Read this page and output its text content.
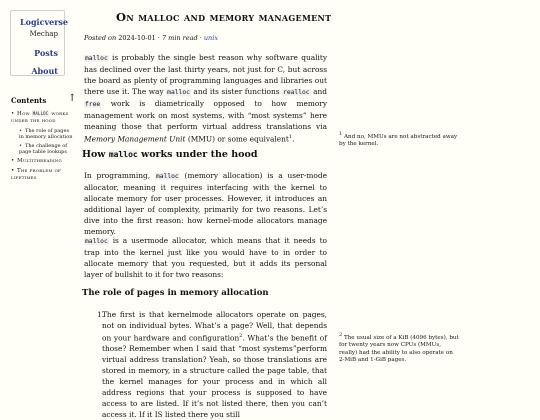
Logicverse
Mechap
Posts
About
Contents ↑
• How malloc works under the hood
• The role of pages in memory allocation
• The challenge of page table lookups
• Multithreading
• The problem of lifetimes
On malloc and memory management
Posted on 2024-10-01 · 7 min read · unix

malloc is probably the single best reason why software quality has declined over the last thirty years, not just for C, but across the board as plenty of programming languages and libraries out there use it. The way malloc and its sister functions realloc and free work is diametrically opposed to how memory management work on most systems, with “most systems” here meaning those that perform virtual address translations via Memory Management Unit (MMU) or some equivalent$^1$.

How malloc works under the hood

In programming, malloc (memory allocation) is a user-mode allocator, meaning it requires interfacing with the kernel to allocate memory for user processes. However, it introduces an additional layer of complexity, primarily for two reasons. Let’s dive into the first reason: how kernel-mode allocators manage memory.

malloc is a usermode allocator, which means that it needs to trap into the kernel just like you would have to in order to allocate memory that you requested, but it adds its personal layer of bullshit to it for two reasons:

The role of pages in memory allocation
1.

The first is that kernelmode allocators operate on pages, not on individual bytes. What’s a page? Well, that depends on your hardware and configuration$^2$. What’s the benefit of those? Remember when I said that “most systems”perform virtual address translation? Yeah, so those translations are stored in memory, in a structure called the page table, that the kernel manages for your process and in which all address regions that your process is supposed to have access to are listed. If it’s not listed there, then you can’t access it. If it IS listed there you still

$^1$ And no, MMUs are not abstracted away by the kernel.
$^2$ The usual size of a KiB (4096 bytes), but for twenty years now CPUs (MMUs, really) had the ability to also operate on 2-MiB and 1-GiB pages.
